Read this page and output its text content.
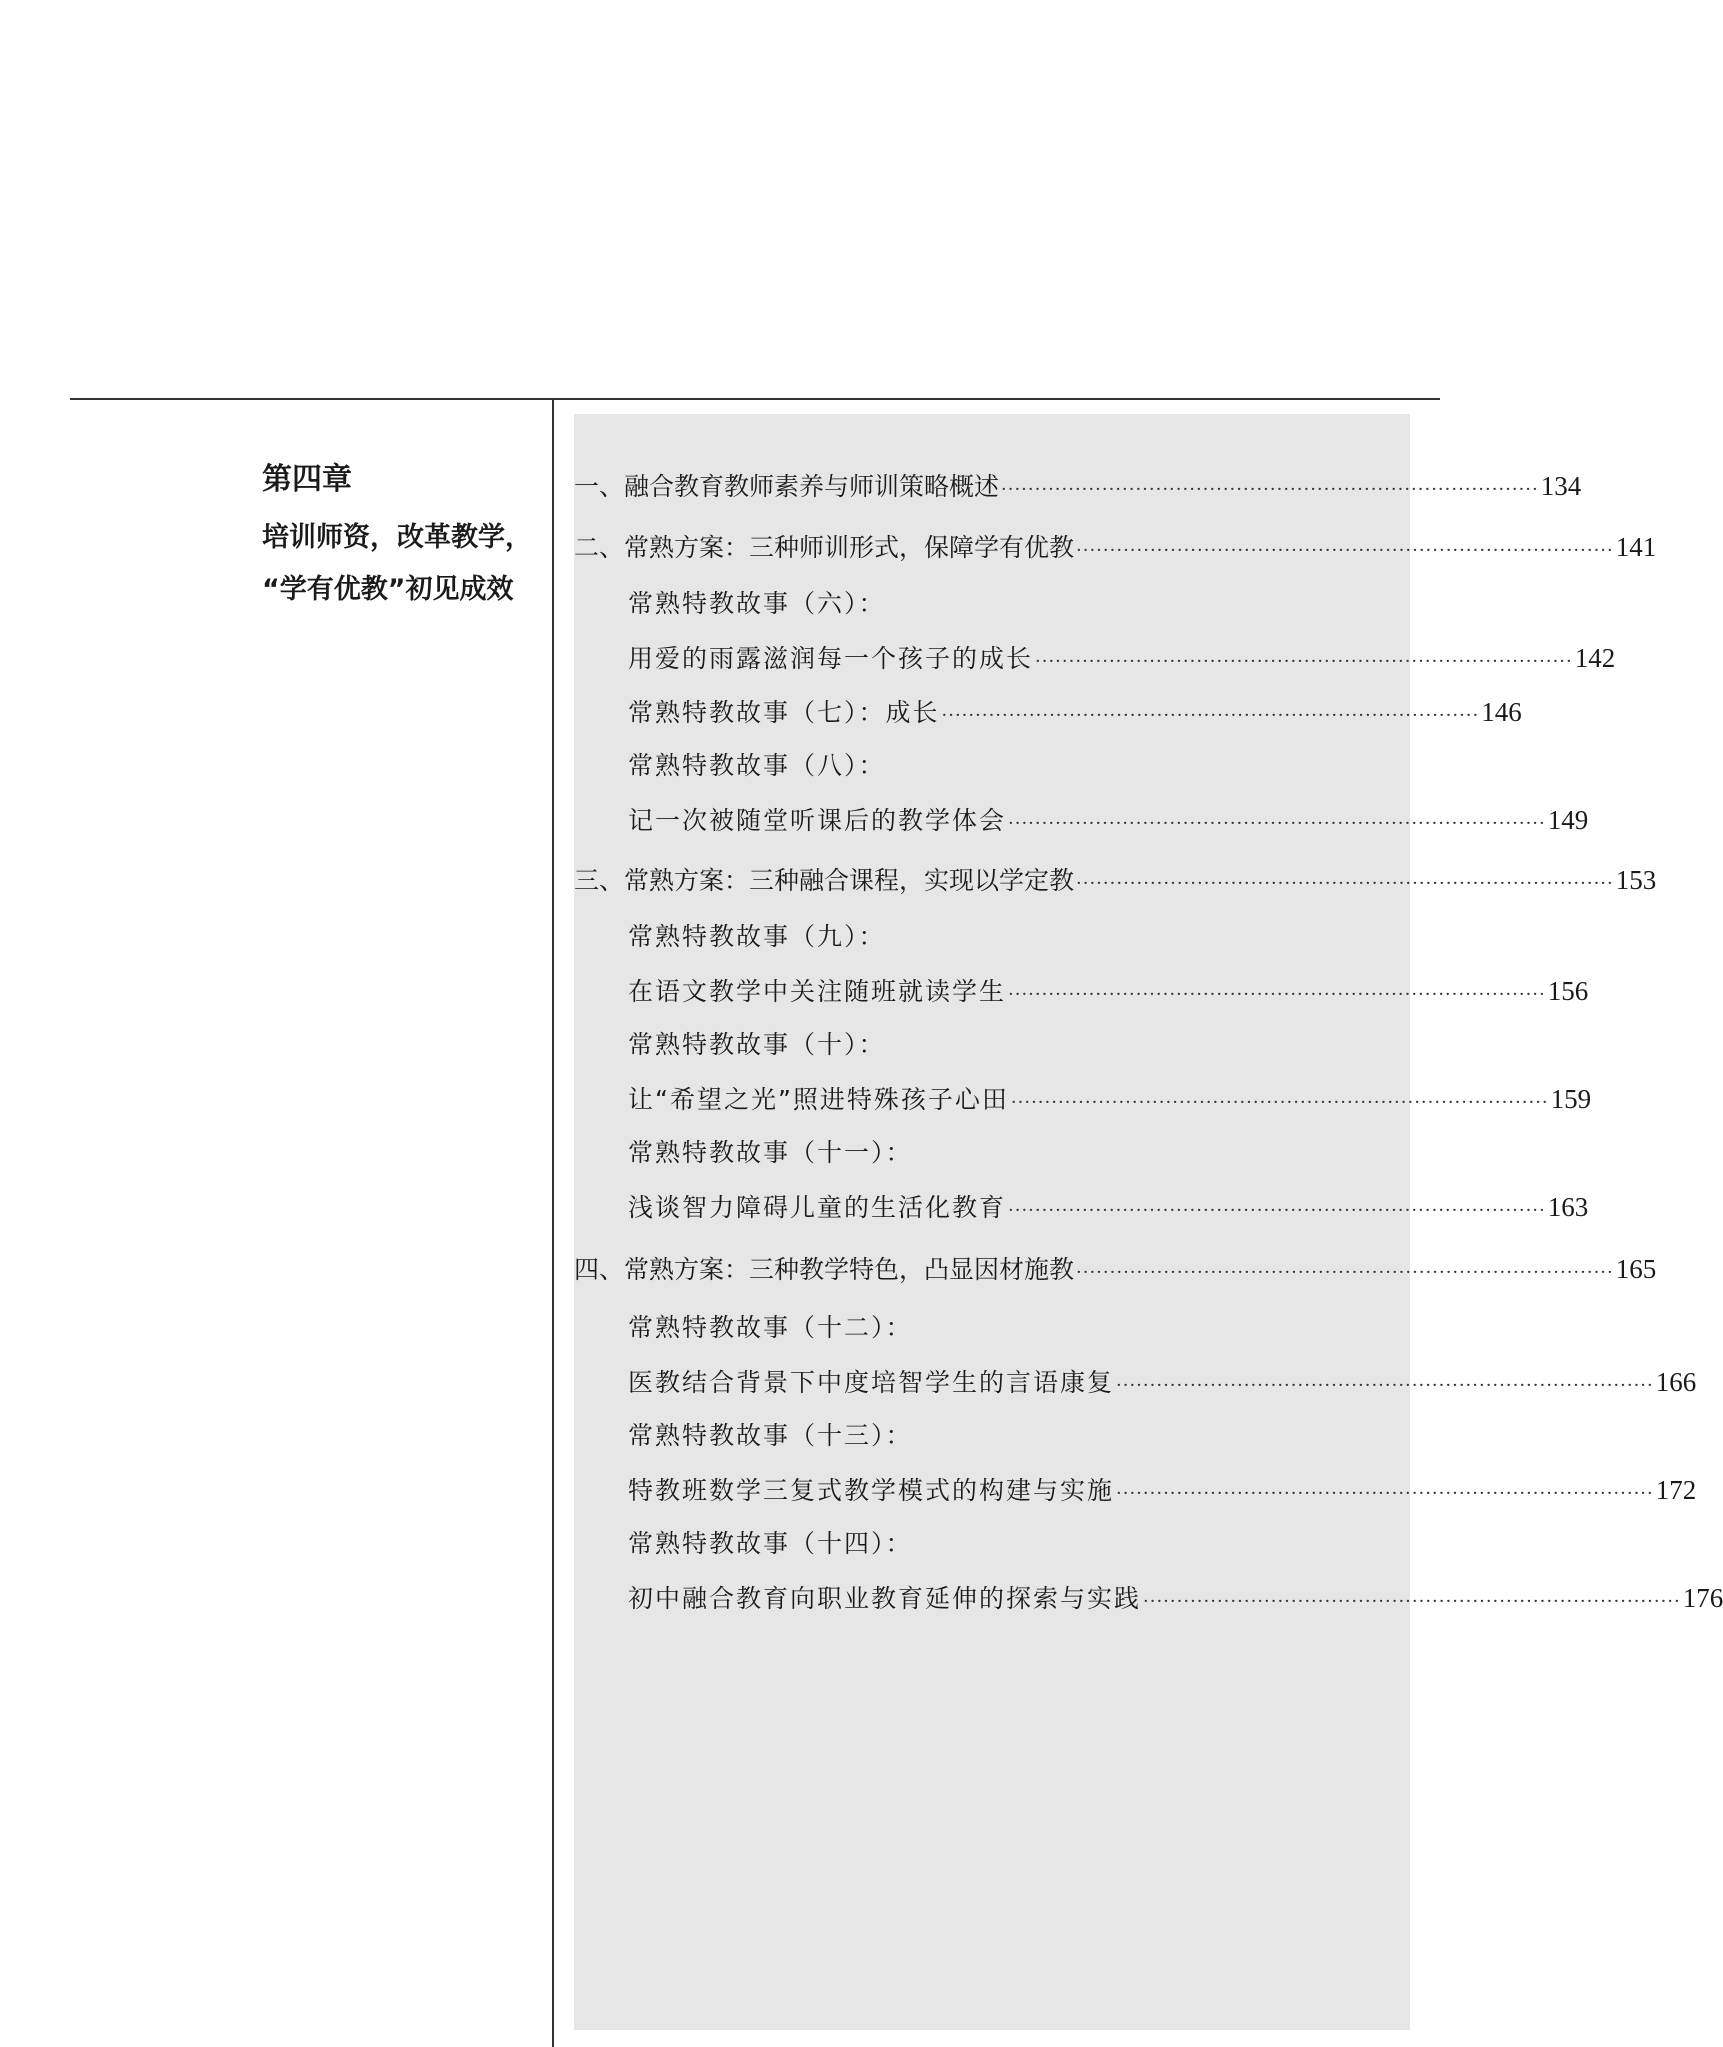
第四章
培训师资，改革教学，
“学有优教”初见成效
一、融合教育教师素养与师训策略概述 ················································································ 134
二、常熟方案：三种师训形式，保障学有优教 ················································································ 141
常熟特教故事（六）：
用爱的雨露滋润每一个孩子的成长 ················································································ 142
常熟特教故事（七）：成长 ················································································ 146
常熟特教故事（八）：
记一次被随堂听课后的教学体会 ················································································ 149
三、常熟方案：三种融合课程，实现以学定教 ················································································ 153
常熟特教故事（九）：
在语文教学中关注随班就读学生 ················································································ 156
常熟特教故事（十）：
让“希望之光”照进特殊孩子心田 ················································································ 159
常熟特教故事（十一）：
浅谈智力障碍儿童的生活化教育 ················································································ 163
四、常熟方案：三种教学特色，凸显因材施教 ················································································ 165
常熟特教故事（十二）：
医教结合背景下中度培智学生的言语康复 ················································································ 166
常熟特教故事（十三）：
特教班数学三复式教学模式的构建与实施 ················································································ 172
常熟特教故事（十四）：
初中融合教育向职业教育延伸的探索与实践 ················································································ 176
